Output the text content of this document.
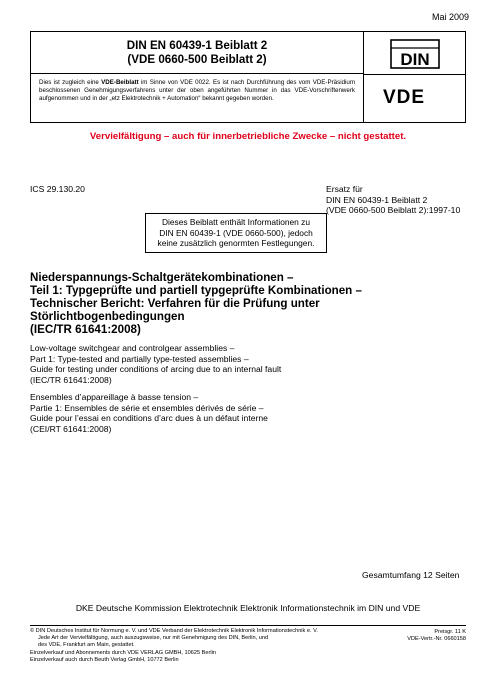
Mai 2009
DIN EN 60439-1 Beiblatt 2
(VDE 0660-500 Beiblatt 2)	DIN
VDE
Dies ist zugleich eine VDE-Beiblatt im Sinne von VDE 0022. Es ist nach Durchführung des vom VDE-Präsidium beschlossenen Genehmigungsverfahrens unter der oben angeführten Nummer in das VDE-Vorschriftenwerk aufgenommen und in der „etz Elektrotechnik + Automation“ bekannt gegeben worden.
Vervielfältigung – auch für innerbetriebliche Zwecke – nicht gestattet.
ICS 29.130.20	Ersatz für
DIN EN 60439-1 Beiblatt 2
(VDE 0660-500 Beiblatt 2):1997-10
Dieses Beiblatt enthält Informationen zu
DIN EN 60439-1 (VDE 0660-500), jedoch
keine zusätzlich genormten Festlegungen.
Niederspannungs-Schaltgerätekombinationen –
Teil 1: Typgeprüfte und partiell typgeprüfte Kombinationen –
Technischer Bericht: Verfahren für die Prüfung unter
Störlichtbogenbedingungen
(IEC/TR 61641:2008)
Low-voltage switchgear and controlgear assemblies –
Part 1: Type-tested and partially type-tested assemblies –
Guide for testing under conditions of arcing due to an internal fault
(IEC/TR 61641:2008)
Ensembles d’appareillage à basse tension –
Partie 1: Ensembles de série et ensembles dérivés de série –
Guide pour l’essai en conditions d’arc dues à un défaut interne
(CEI/RT 61641:2008)
Gesamtumfang 12 Seiten
DKE Deutsche Kommission Elektrotechnik Elektronik Informationstechnik im DIN und VDE
© DIN Deutsches Institut für Normung e. V. und VDE Verband der Elektrotechnik Elektronik Informationstechnik e. V.
Jede Art der Vervielfältigung, auch auszugsweise, nur mit Genehmigung des DIN, Berlin, und
des VDE, Frankfurt am Main, gestattet.
Einzelverkauf und Abonnements durch VDE VERLAG GMBH, 10625 Berlin
Einzelverkauf auch durch Beuth Verlag GmbH, 10772 Berlin
Preisgr. 11 K
VDE-Vertr.-Nr. 0660158
